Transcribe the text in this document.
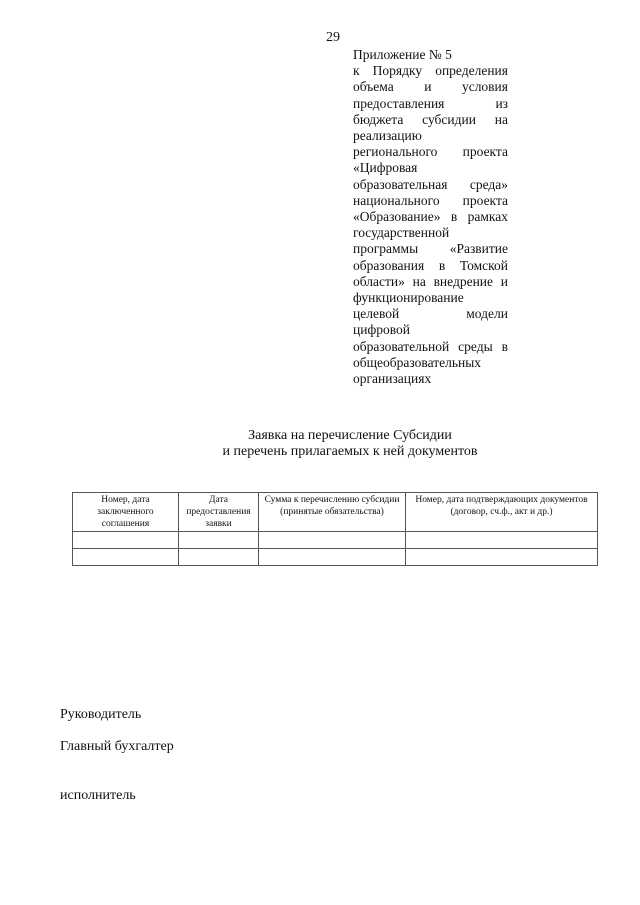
29
Приложение № 5
к Порядку определения
объема и условия
предоставления из
бюджета субсидии на
реализацию
регионального проекта
«Цифровая
образовательная среда»
национального проекта
«Образование» в рамках
государственной
программы «Развитие
образования в Томской
области» на внедрение и
функционирование
целевой модели
цифровой
образовательной среды в
общеобразовательных
организациях
Заявка на перечисление Субсидии
и перечень прилагаемых к ней документов
Номер, дата заключенного соглашения	Дата предоставления заявки	Сумма к перечислению субсидии (принятые обязательства)	Номер, дата подтверждающих документов (договор, сч.ф., акт и др.)

Руководитель
Главный бухгалтер
исполнитель
